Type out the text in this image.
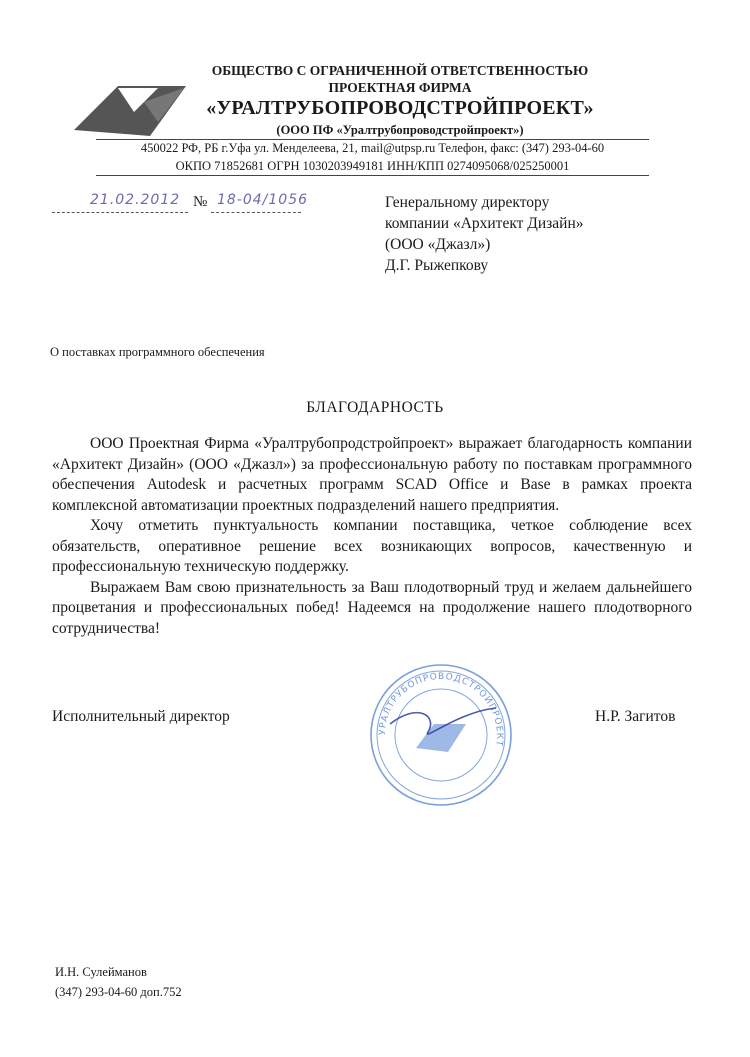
ОБЩЕСТВО С ОГРАНИЧЕННОЙ ОТВЕТСТВЕННОСТЬЮ
ПРОЕКТНАЯ ФИРМА
«УРАЛТРУБОПРОВОДСТРОЙПРОЕКТ»
(ООО ПФ «Уралтрубопроводстройпроект»)
450022 РФ, РБ г.Уфа ул. Менделеева, 21, mail@utpsp.ru Телефон, факс: (347) 293-04-60
ОКПО 71852681 ОГРН 1030203949181 ИНН/КПП 0274095068/025250001
21.02.2012 № 18-04/1056	Генеральному директору
компании «Архитект Дизайн»
(ООО «Джазл»)
Д.Г. Рыжепкову
О поставках программного обеспечения
БЛАГОДАРНОСТЬ

ООО Проектная Фирма «Уралтрубопродстройпроект» выражает благодарность компании «Архитект Дизайн» (ООО «Джазл») за профессиональную работу по поставкам программного обеспечения Autodesk и расчетных программ SCAD Office и Base в рамках проекта комплексной автоматизации проектных подразделений нашего предприятия.

Хочу отметить пунктуальность компании поставщика, четкое соблюдение всех обязательств, оперативное решение всех возникающих вопросов, качественную и профессиональную техническую поддержку.

Выражаем Вам свою признательность за Ваш плодотворный труд и желаем дальнейшего процветания и профессиональных побед! Надеемся на продолжение нашего плодотворного сотрудничества!

УРАЛТРУБОПРОВОДСТРОЙПРОЕКТ
Исполнительный директор	Н.Р. Загитов
И.Н. Сулейманов
(347) 293-04-60 доп.752
